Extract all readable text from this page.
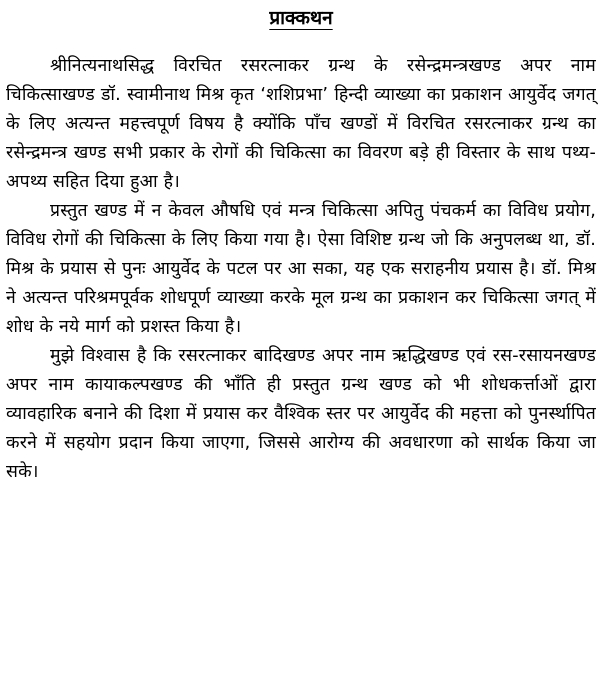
प्राक्कथन

श्रीनित्यनाथसिद्ध विरचित रसरत्नाकर ग्रन्थ के रसेन्द्रमन्त्रखण्ड अपर नाम चिकित्साखण्ड डॉ. स्वामीनाथ मिश्र कृत ‘शशिप्रभा’ हिन्दी व्याख्या का प्रकाशन आयुर्वेद जगत् के लिए अत्यन्त महत्त्वपूर्ण विषय है क्योंकि पाँच खण्डों में विरचित रसरत्नाकर ग्रन्थ का रसेन्द्रमन्त्र खण्ड सभी प्रकार के रोगों की चिकित्सा का विवरण बड़े ही विस्तार के साथ पथ्य-अपथ्य सहित दिया हुआ है।

प्रस्तुत खण्ड में न केवल औषधि एवं मन्त्र चिकित्सा अपितु पंचकर्म का विविध प्रयोग, विविध रोगों की चिकित्सा के लिए किया गया है। ऐसा विशिष्ट ग्रन्थ जो कि अनुपलब्ध था, डॉ. मिश्र के प्रयास से पुनः आयुर्वेद के पटल पर आ सका, यह एक सराहनीय प्रयास है। डॉ. मिश्र ने अत्यन्त परिश्रमपूर्वक शोधपूर्ण व्याख्या करके मूल ग्रन्थ का प्रकाशन कर चिकित्सा जगत् में शोध के नये मार्ग को प्रशस्त किया है।

मुझे विश्वास है कि रसरत्नाकर बादिखण्ड अपर नाम ऋद्धिखण्ड एवं रस-रसायनखण्ड अपर नाम कायाकल्पखण्ड की भाँति ही प्रस्तुत ग्रन्थ खण्ड को भी शोधकर्त्ताओं द्वारा व्यावहारिक बनाने की दिशा में प्रयास कर वैश्विक स्तर पर आयुर्वेद की महत्ता को पुनर्स्थापित करने में सहयोग प्रदान किया जाएगा, जिससे आरोग्य की अवधारणा को सार्थक किया जा सके।
